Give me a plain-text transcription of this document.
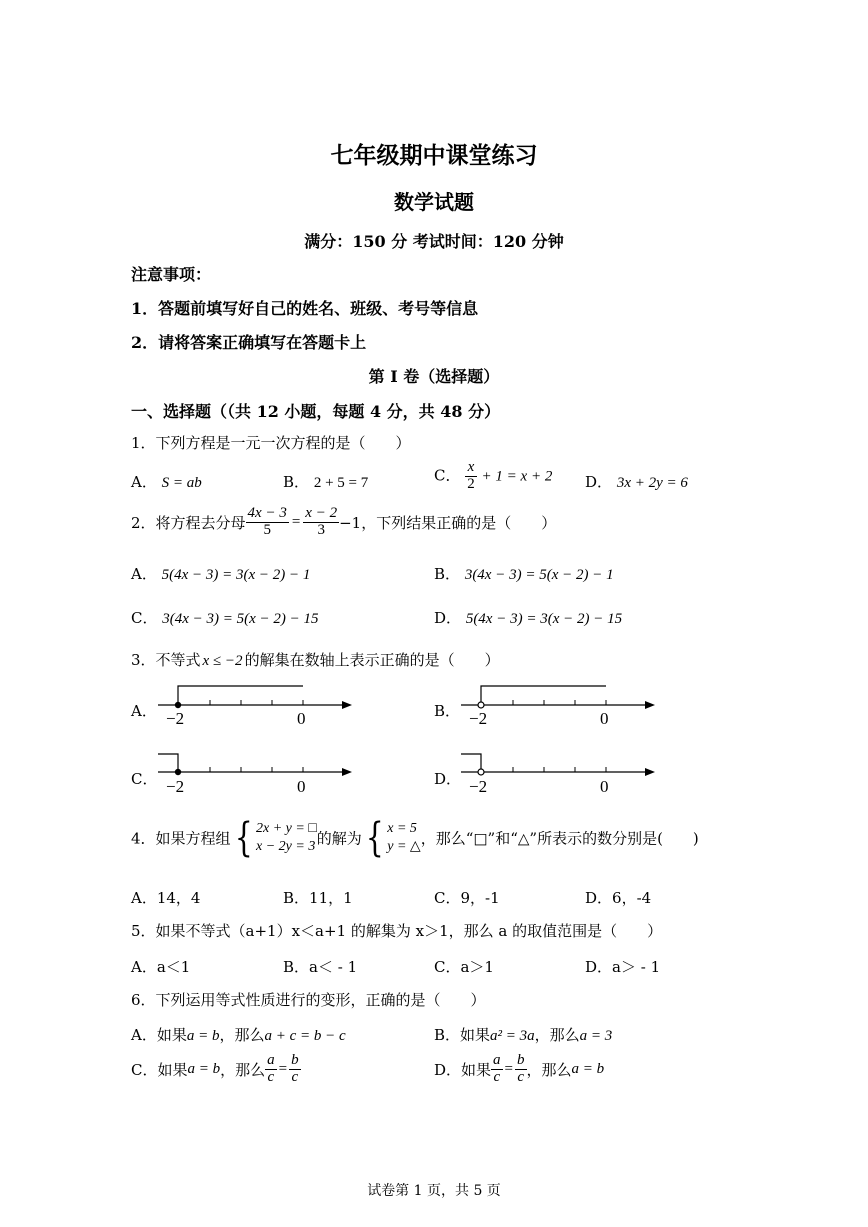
七年级期中课堂练习
数学试题
满分：150 分 考试时间：120 分钟
注意事项：
1．答题前填写好自己的姓名、班级、考号等信息
2．请将答案正确填写在答题卡上
第 I 卷（选择题）
一、选择题（（共 12 小题，每题 4 分，共 48 分）
1．下列方程是一元一次方程的是（　　）
A． S = ab	B． 2 + 5 = 7	C． $\frac{x}{2} + 1 = x + 2$ D． 3x + 2y = 6
2．将方程去分母 $\frac{4x - 3}{5} = \frac{x - 2}{3} -1$，下列结果正确的是（　　）
A． 5(4x − 3) = 3(x − 2) − 1	B． 3(4x − 3) = 5(x − 2) − 1
C． 3(4x − 3) = 5(x − 2) − 15	D． 5(4x − 3) = 3(x − 2) − 15
3．不等式 x ≤ −2 的解集在数轴上表示正确的是（　　）
A．	B．
C．	D．
−2	0	−2	0
−2	0	−2	0
4．如果方程组{ 2x + y = □
x − 2y = 3 的解为{ x = 5
y = △ ，那么“□”和“△”所表示的数分别是(　　)
A．14，4	B．11，1	C．9，-1	D．6，-4
5．如果不等式（a+1）x＜a+1 的解集为 x＞1，那么 a 的取值范围是（　　）
A．a＜1	B．a＜ - 1	C．a＞1	D．a＞ - 1
6．下列运用等式性质进行的变形，正确的是（　　）
A．如果a = b，那么a + c = b − c	B．如果a² = 3a，那么a = 3
C．如果a = b，那么 $\frac{a}{c} = \frac{b}{c}$	D．如果 $\frac{a}{c} = \frac{b}{c}$ ，那么a = b
试卷第 1 页，共 5 页
